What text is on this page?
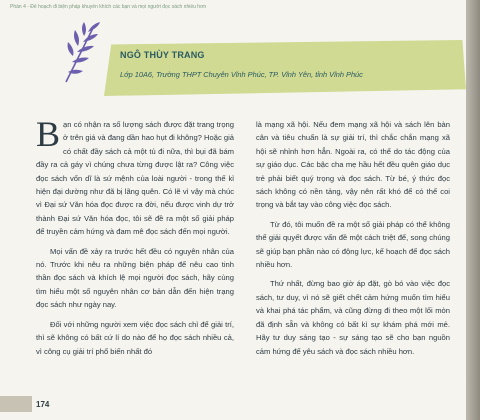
Phần 4 - Đề hoạch đi biện pháp khuyến khích các bạn và mọi người đọc sách nhiều hơn
NGÔ THÙY TRANG
Lớp 10A6, Trường THPT Chuyên Vĩnh Phúc, TP. Vĩnh Yên, tỉnh Vĩnh Phúc

Bạn có nhận ra số lượng sách được đặt trang trọng ở trên giá và đang dần hao hụt đi không? Hoặc giả có chất đầy sách cả một tủ đi nữa, thì bụi đã bám đầy ra cả gáy vì chúng chưa từng được lật ra? Công việc đọc sách vốn dĩ là sứ mệnh của loài người - trong thế kỉ hiện đại dường như đã bị lãng quên. Có lẽ vì vậy mà chúc vì Đại sứ Văn hóa đọc được ra đời, nếu được vinh dự trở thành Đại sứ Văn hóa đọc, tôi sẽ đề ra một số giải pháp để truyền cảm hứng và đam mê đọc sách đến mọi người.

Mọi vấn đề xảy ra trước hết đều có nguyên nhân của nó. Trước khi nêu ra những biện pháp để nêu cao tinh thần đọc sách và khích lệ mọi người đọc sách, hãy cùng tìm hiểu một số nguyên nhân cơ bản dẫn đến hiện trạng đọc sách như ngày nay.

Đối với những người xem việc đọc sách chỉ để giải trí, thì sẽ không có bất cứ lí do nào để họ đọc sách nhiều cả, vì công cụ giải trí phổ biến nhất đó

là mạng xã hội. Nếu đem mạng xã hội và sách lên bàn cân và tiêu chuẩn là sự giải trí, thì chắc chắn mạng xã hội sẽ nhỉnh hơn hẳn. Ngoài ra, có thể do tác động của sự giáo dục. Các bậc cha mẹ hầu hết đều quên giáo dục trẻ phải biết quý trọng và đọc sách. Từ bé, ý thức đọc sách không có nền tảng, vậy nên rất khó để có thể coi trọng và bắt tay vào công việc đọc sách.

Từ đó, tôi muốn đề ra một số giải pháp có thể không thể giải quyết được vấn đề một cách triệt để, song chúng sẽ giúp bạn phần nào có động lực, kế hoạch để đọc sách nhiều hơn.

Thứ nhất, đừng bao giờ áp đặt, gò bó vào việc đọc sách, tư duy, vì nó sẽ giết chết cảm hứng muốn tìm hiểu và khai phá tác phẩm, và cũng đừng đi theo một lối mòn đã định sẵn và không có bất kì sự khám phá mới mẻ. Hãy tư duy sáng tạo - sự sáng tạo sẽ cho bạn nguồn cảm hứng để yêu sách và đọc sách nhiều hơn.

174
